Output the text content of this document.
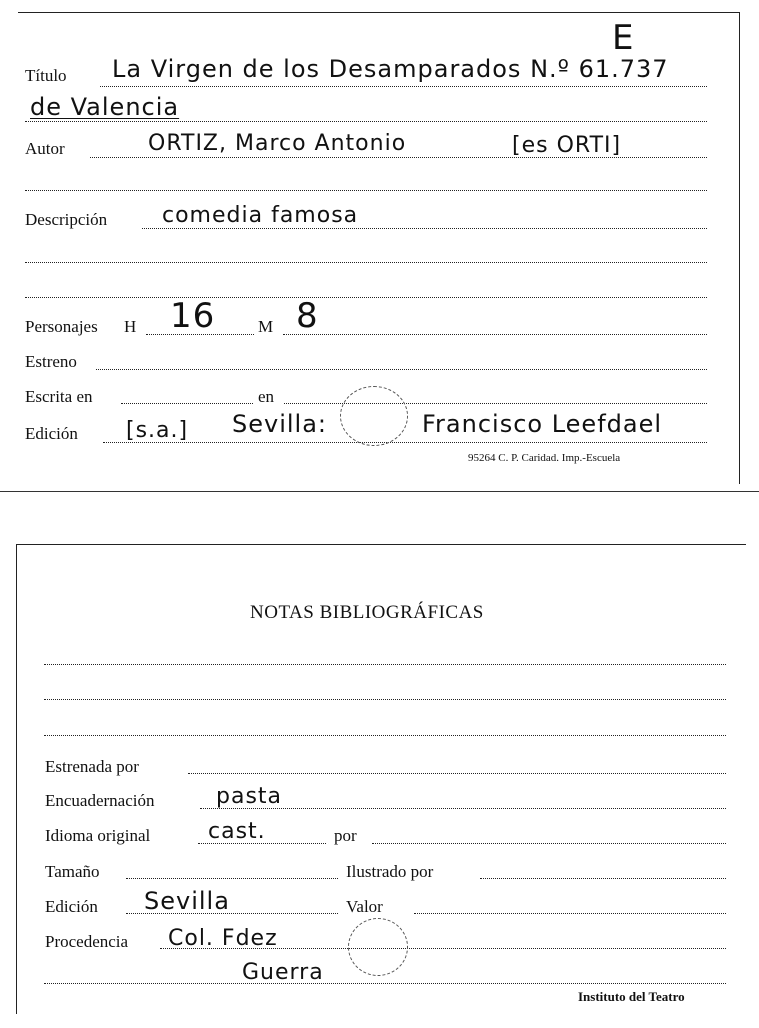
E
Título La Virgen de los Desamparados N.º 61.737
de Valencia
Autor	ORTIZ, Marco Antonio	[es ORTI]
Descripción comedia famosa
Personajes H 16	M 8
Estreno
Escrita en	en
Edición [s.a.] Sevilla:	Francisco Leefdael
95264 C. P. Caridad. Imp.-Escuela
NOTAS BIBLIOGRÁFICAS
Estrenada por
Encuadernación	pasta
Idioma original	cast.	por
Tamaño	Ilustrado por
Edición Sevilla	Valor
Procedencia Col. Fdez
Guerra
Instituto del Teatro
